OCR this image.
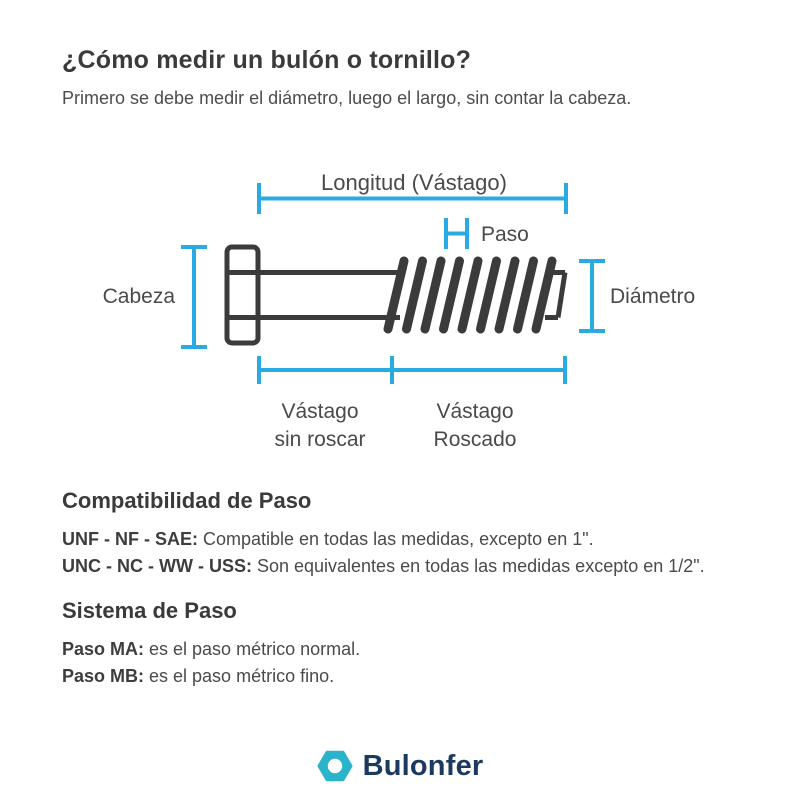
¿Cómo medir un bulón o tornillo?

Primero se debe medir el diámetro, luego el largo, sin contar la cabeza.

Longitud (Vástago)
Paso
Cabeza	Diámetro
Vástago
sin roscar
Vástago
Roscado
Compatibilidad de Paso

UNF - NF - SAE: Compatible en todas las medidas, excepto en 1".

UNC - NC - WW - USS: Son equivalentes en todas las medidas excepto en 1/2".

Sistema de Paso

Paso MA: es el paso métrico normal.

Paso MB: es el paso métrico fino.

Bulonfer
